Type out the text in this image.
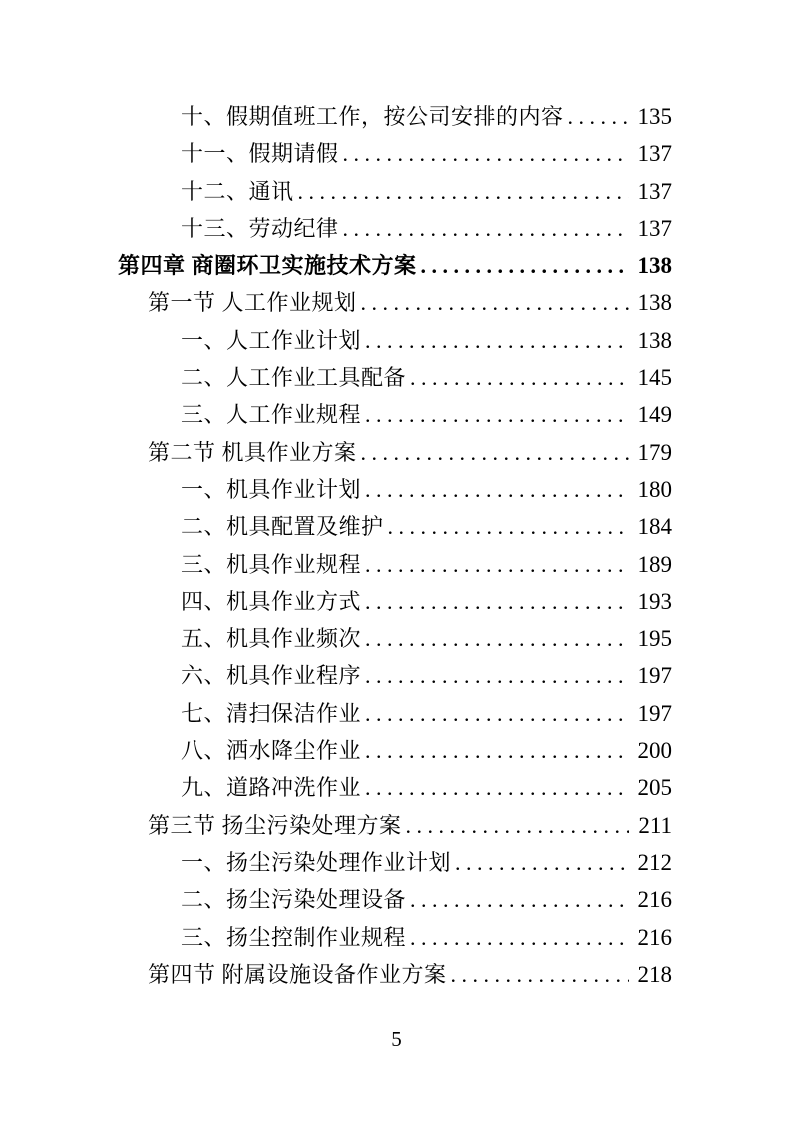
十、假期值班工作，按公司安排的内容 . . .	135
十一、假期请假 . . .	137
十二、通讯 . . .	137
十三、劳动纪律 . . .	137
第四章 商圈环卫实施技术方案 . . .	138
第一节 人工作业规划 . . .	138
一、人工作业计划 . . .	138
二、人工作业工具配备 . . .	145
三、人工作业规程 . . .	149
第二节 机具作业方案 . . .	179
一、机具作业计划 . . .	180
二、机具配置及维护 . . .	184
三、机具作业规程 . . .	189
四、机具作业方式 . . .	193
五、机具作业频次 . . .	195
六、机具作业程序 . . .	197
七、清扫保洁作业 . . .	197
八、洒水降尘作业 . . .	200
九、道路冲洗作业 . . .	205
第三节 扬尘污染处理方案 . . .	211
一、扬尘污染处理作业计划 . . .	212
二、扬尘污染处理设备 . . .	216
三、扬尘控制作业规程 . . .	216
第四节 附属设施设备作业方案 . . .	218
5
